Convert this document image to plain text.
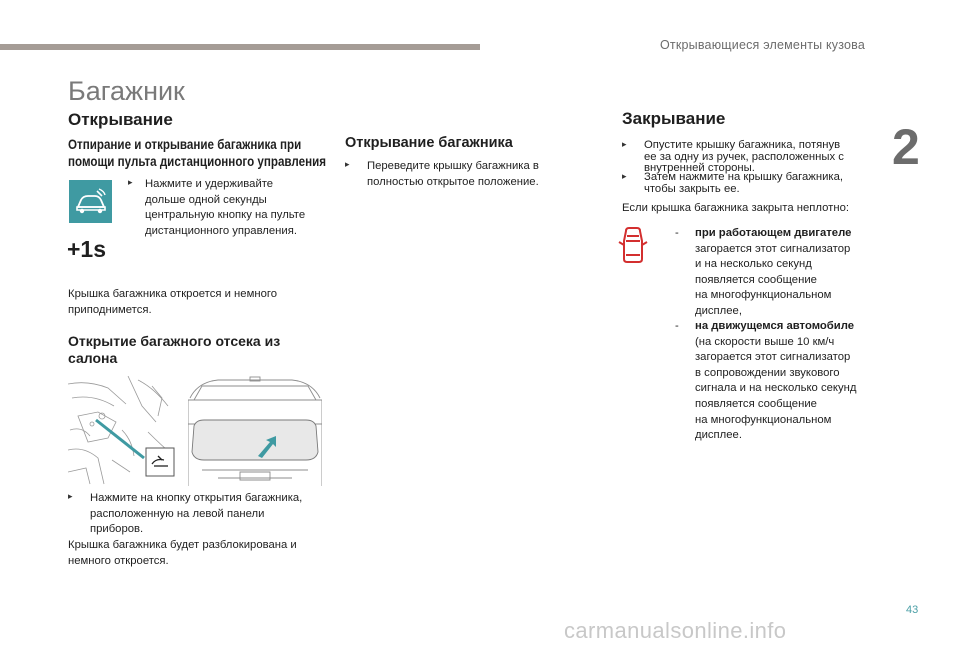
Открывающиеся элементы кузова
2
Багажник
Открывание
Отпирание и открывание багажника при
помощи пульта дистанционного управления
▸ Нажмите и удерживайте
дольше одной секунды
центральную кнопку на пульте
дистанционного управления.
+1s
Крышка багажника откроется и немного
приподнимется.
Открытие багажного отсека из
салона
▸ Нажмите на кнопку открытия багажника,
расположенную на левой панели
приборов.
Крышка багажника будет разблокирована и
немного откроется.
Открывание багажника
▸ Переведите крышку багажника в
полностью открытое положение.
Закрывание
▸ Опустите крышку багажника, потянув
ее за одну из ручек, расположенных с
внутренней стороны.
▸ Затем нажмите на крышку багажника,
чтобы закрыть ее.
Если крышка багажника закрыта неплотно:
-	при работающем двигателе
загорается этот сигнализатор
и на несколько секунд
появляется сообщение
на многофункциональном
дисплее,
-	на движущемся автомобиле
(на скорости выше 10 км/ч
загорается этот сигнализатор
в сопровождении звукового
сигнала и на несколько секунд
появляется сообщение
на многофункциональном
дисплее.
43
carmanualsonline.info
